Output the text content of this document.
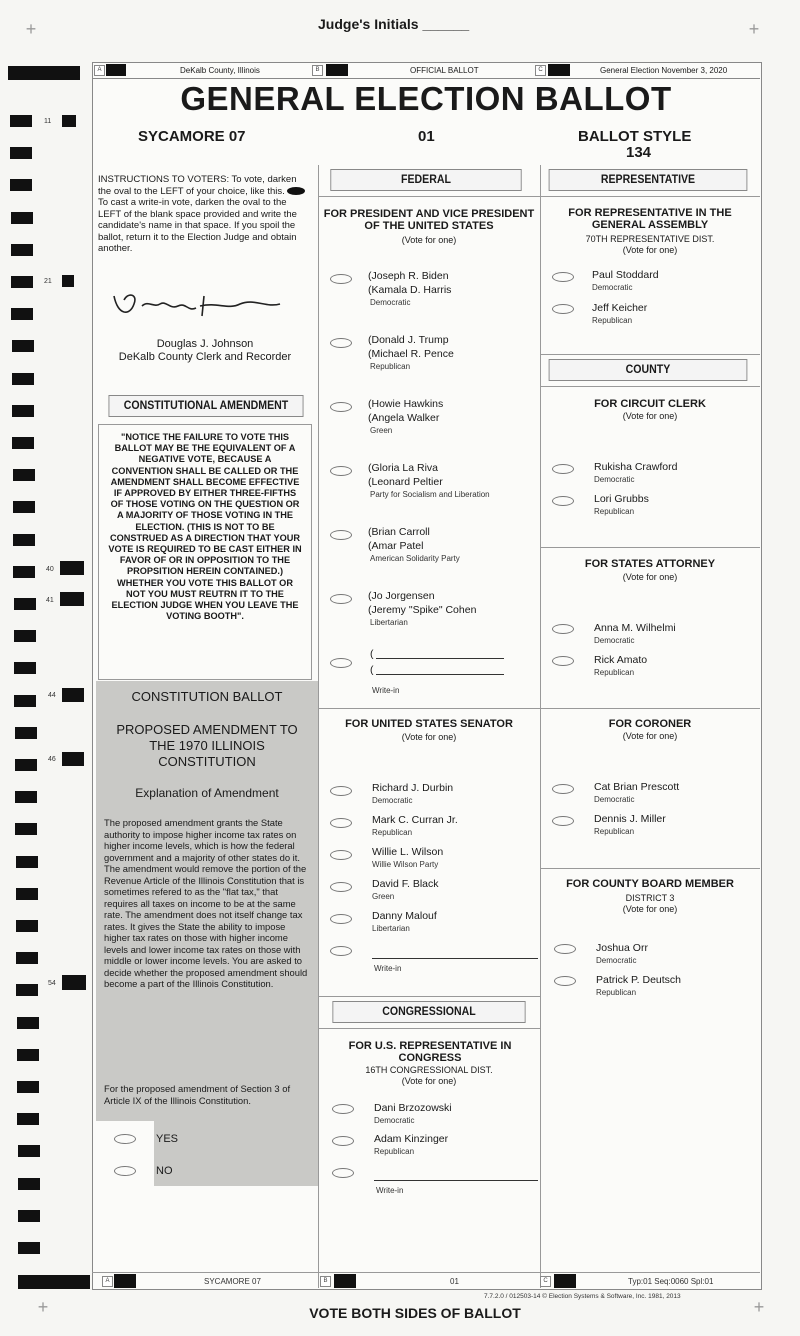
Judge's Initials ______
+	+
+	+
11
21
40
41
44
46
54
A	DeKalb County, Illinois	B	OFFICIAL BALLOT	C	General Election November 3, 2020
GENERAL ELECTION BALLOT
SYCAMORE 07	01	BALLOT STYLE
134
INSTRUCTIONS TO VOTERS: To vote, darken the oval to the LEFT of your choice, like this.  To cast a write-in vote, darken the oval to the LEFT of the blank space provided and write the candidate's name in that space. If you spoil the ballot, return it to the Election Judge and obtain another.
Douglas J. Johnson
DeKalb County Clerk and Recorder
CONSTITUTIONAL AMENDMENT
"NOTICE THE FAILURE TO VOTE THIS BALLOT MAY BE THE EQUIVALENT OF A NEGATIVE VOTE, BECAUSE A CONVENTION SHALL BE CALLED OR THE AMENDMENT SHALL BECOME EFFECTIVE IF APPROVED BY EITHER THREE-FIFTHS OF THOSE VOTING ON THE QUESTION OR A MAJORITY OF THOSE VOTING IN THE ELECTION. (THIS IS NOT TO BE CONSTRUED AS A DIRECTION THAT YOUR VOTE IS REQUIRED TO BE CAST EITHER IN FAVOR OF OR IN OPPOSITION TO THE PROPSITION HEREIN CONTAINED.) WHETHER YOU VOTE THIS BALLOT OR NOT YOU MUST REUTRN IT TO THE ELECTION JUDGE WHEN YOU LEAVE THE VOTING BOOTH".
CONSTITUTION BALLOT
PROPOSED AMENDMENT TO THE 1970 ILLINOIS CONSTITUTION
Explanation of Amendment
The proposed amendment grants the State authority to impose higher income tax rates on higher income levels, which is how the federal government and a majority of other states do it. The amendment would remove the portion of the Revenue Article of the Illinois Constitution that is sometimes refered to as the "flat tax," that requires all taxes on income to be at the same rate. The amendment does not itself change tax rates. It gives the State the ability to impose higher tax rates on those with higher income levels and lower income tax rates on those with middle or lower income levels. You are asked to decide whether the proposed amendment should become a part of the Illinois Constitution.
For the proposed amendment of Section 3 of Article IX of the Illinois Constitution.
YES
NO
FEDERAL
FOR PRESIDENT AND VICE PRESIDENT OF THE UNITED STATES
(Vote for one)
(Joseph R. Biden
(Kamala D. Harris
Democratic
(Donald J. Trump
(Michael R. Pence
Republican
(Howie Hawkins
(Angela Walker
Green
(Gloria La Riva
(Leonard Peltier
Party for Socialism and Liberation
(Brian Carroll
(Amar Patel
American Solidarity Party
(Jo Jorgensen
(Jeremy "Spike" Cohen
Libertarian
(
(
Write-in
FOR UNITED STATES SENATOR
(Vote for one)
Richard J. Durbin
Democratic
Mark C. Curran Jr.
Republican
Willie L. Wilson
Willie Wilson Party
David F. Black
Green
Danny Malouf
Libertarian
Write-in
CONGRESSIONAL
FOR U.S. REPRESENTATIVE IN CONGRESS
16TH CONGRESSIONAL DIST.
(Vote for one)
Dani Brzozowski
Democratic
Adam Kinzinger
Republican
Write-in
REPRESENTATIVE
FOR REPRESENTATIVE IN THE GENERAL ASSEMBLY
70TH REPRESENTATIVE DIST.
(Vote for one)
Paul Stoddard
Democratic
Jeff Keicher
Republican
COUNTY
FOR CIRCUIT CLERK
(Vote for one)
Rukisha Crawford
Democratic
Lori Grubbs
Republican
FOR STATES ATTORNEY
(Vote for one)
Anna M. Wilhelmi
Democratic
Rick Amato
Republican
FOR CORONER
(Vote for one)
Cat Brian Prescott
Democratic
Dennis J. Miller
Republican
FOR COUNTY BOARD MEMBER
DISTRICT 3
(Vote for one)
Joshua Orr
Democratic
Patrick P. Deutsch
Republican
A	SYCAMORE 07	B	01	C	Typ:01 Seq:0060 Spl:01
7.7.2.0 / 012503-14 © Election Systems & Software, Inc. 1981, 2013
VOTE BOTH SIDES OF BALLOT
